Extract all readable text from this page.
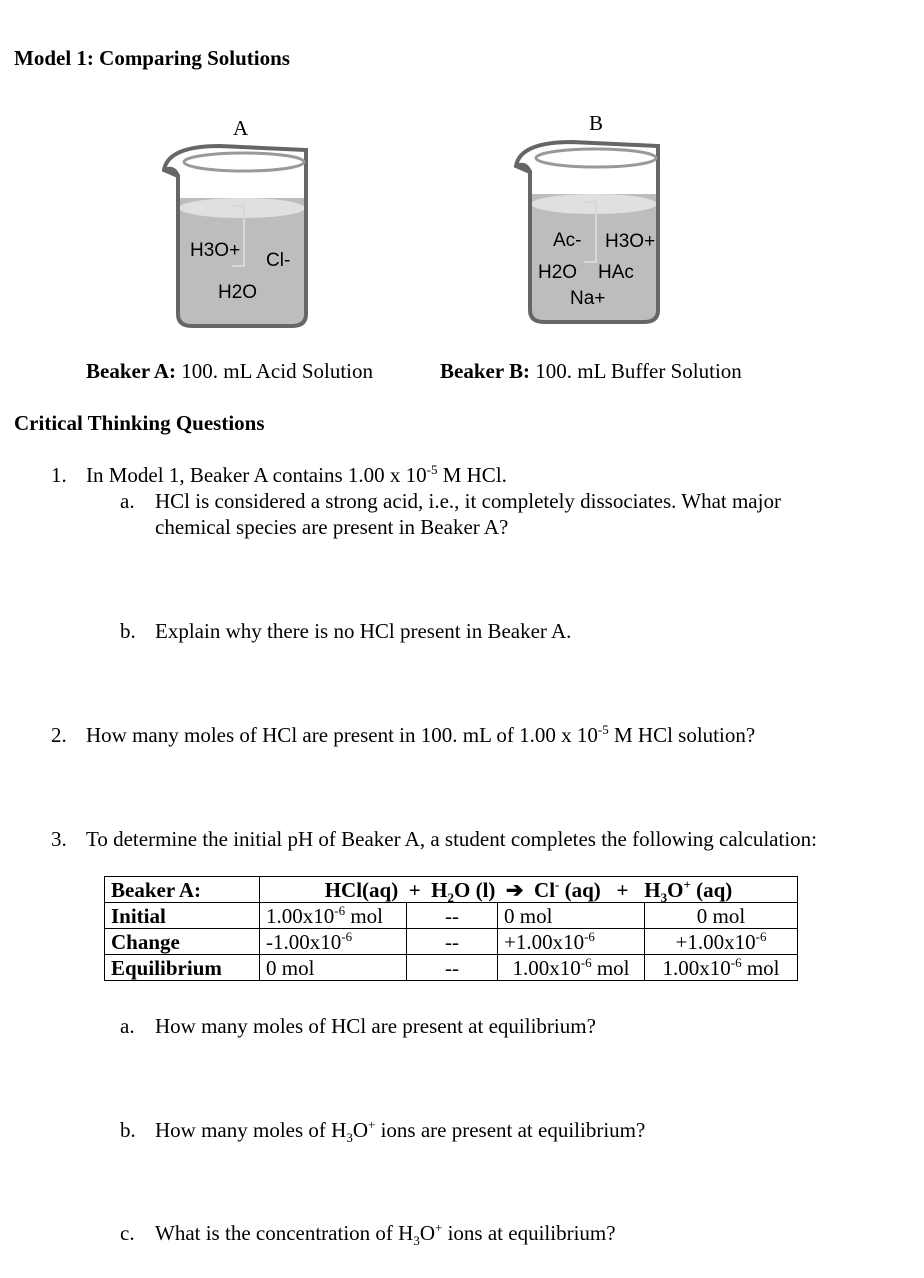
Model 1: Comparing Solutions
A	B
H3O+ Cl-
H2O
Ac- H3O+
H2O HAc
Na+
Beaker A: 100. mL Acid Solution	Beaker B: 100. mL Buffer Solution
Critical Thinking Questions
1. In Model 1, Beaker A contains 1.00 x $10^{-5}$ M HCl.
a. HCl is considered a strong acid, i.e., it completely dissociates. What major
chemical species are present in Beaker A?
b. Explain why there is no HCl present in Beaker A.
2. How many moles of HCl are present in 100. mL of 1.00 x $10^{-5}$ M HCl solution?
3. To determine the initial pH of Beaker A, a student completes the following calculation:
Beaker A:	$HCl(aq) + H_2O$ (l) ➔ Cl- $(aq) + H_3O^+$ (aq)			
Initial	$1.00x10^{-6}$ mol	--	0 mol	0 mol
Change	$-1.00x10^{-6}$	--	$+1.00x10^{-6}$	$+1.00x10^{-6}$
Equilibrium	0 mol	--	$1.00x10^{-6}$ mol	$1.00x10^{-6}$ mol
a. How many moles of HCl are present at equilibrium?
b. How many moles of $H_3O^+$ ions are present at equilibrium?
c. What is the concentration of $H_3O^+$ ions at equilibrium?
